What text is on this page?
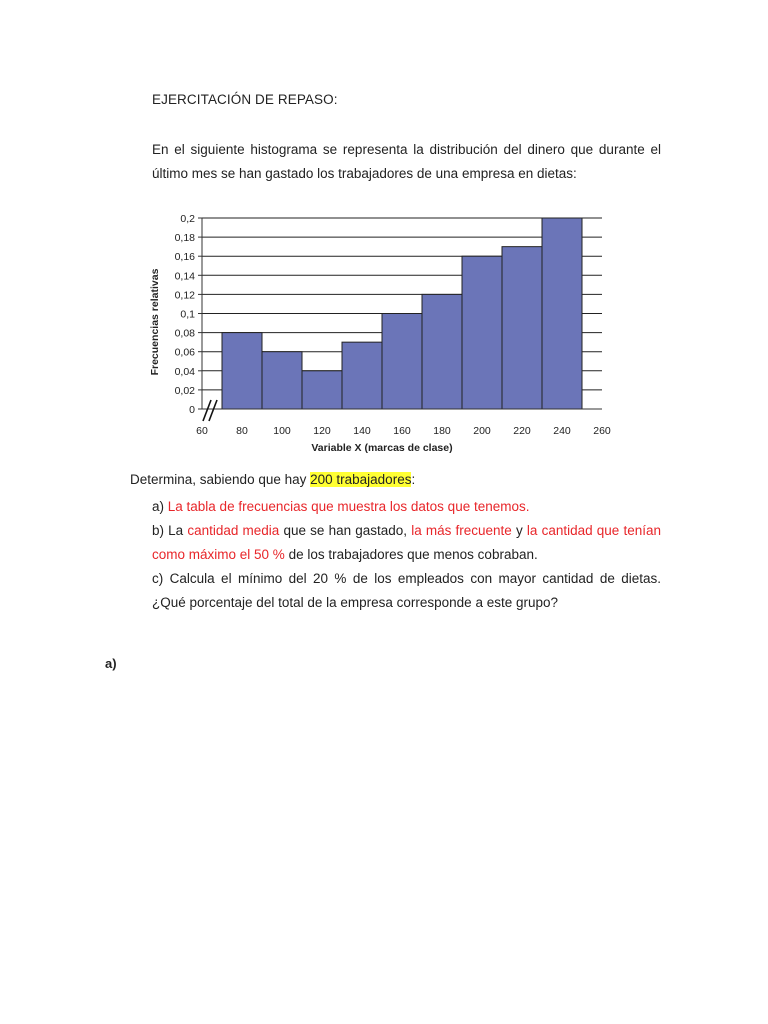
EJERCITACIÓN DE REPASO:
En el siguiente histograma se representa la distribución del dinero que durante el último mes se han gastado los trabajadores de una empresa en dietas:
0
0,02
0,04
0,06
0,08
0,1
0,12
0,14
0,16
0,18
0,2
60	80 100 120 140 160 180 200 220 240 260
Variable X (marcas de clase)
Frecuencias relativas
Determina, sabiendo que hay 200 trabajadores:

a) La tabla de frecuencias que muestra los datos que tenemos.

b) La cantidad media que se han gastado, la más frecuente y la cantidad que tenían como máximo el 50 % de los trabajadores que menos cobraban.

c) Calcula el mínimo del 20 % de los empleados con mayor cantidad de dietas. ¿Qué porcentaje del total de la empresa corresponde a este grupo?

a)
